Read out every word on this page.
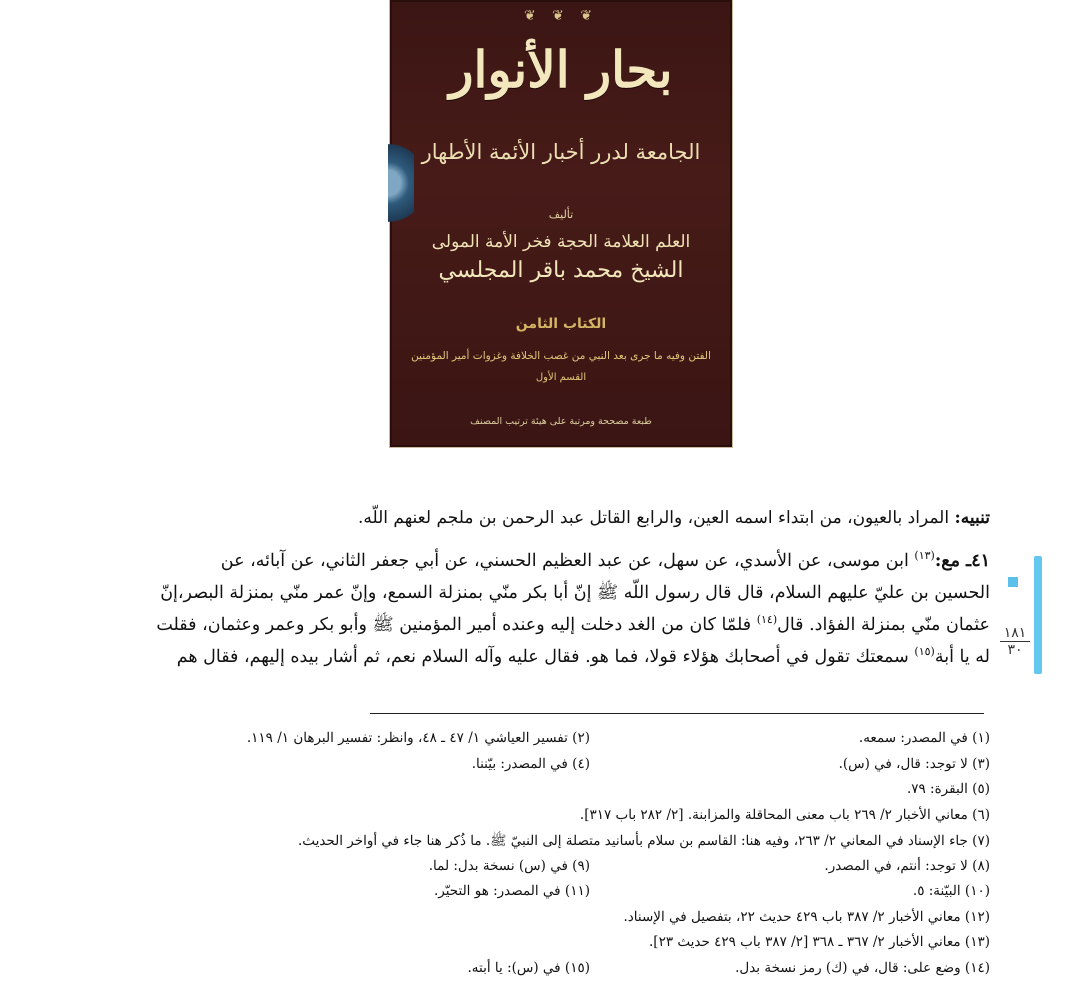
❦ ❦ ❦
بحار الأنوار
الجامعة لدرر أخبار الأئمة الأطهار
تأليف
العلم العلامة الحجة فخر الأمة المولى
الشيخ محمد باقر المجلسي
الكتاب الثامن
الفتن وفيه ما جرى بعد النبي من غصب الخلافة وغزوات أمير المؤمنين
القسم الأول
طبعة مصححة ومرتبة على هيئة ترتيب المصنف
تنبيه: المراد بالعيون، من ابتداء اسمه العين، والرابع القاتل عبد الرحمن بن ملجم لعنهم اللّه.
٤١ـ مع:$^{(١٣)}$ ابن موسى، عن الأسدي، عن سهل، عن عبد العظيم الحسني، عن أبي جعفر الثاني، عن آبائه، عن
الحسين بن عليّ عليهم السلام، قال قال رسول اللّه ﷺ إنّ أبا بكر منّي بمنزلة السمع، وإنّ عمر منّي بمنزلة البصر،إنّ
عثمان منّي بمنزلة الفؤاد. قال$^{(١٤)}$ فلمّا كان من الغد دخلت إليه وعنده أمير المؤمنين ﷺ وأبو بكر وعمر وعثمان، فقلت
له يا أبة$^{(١٥)}$ سمعتك تقول في أصحابك هؤلاء قولا، فما هو. فقال عليه وآله السلام نعم، ثم أشار بيده إليهم، فقال هم
١٨١
٣٠
(١) في المصدر: سمعه.
(٢) تفسير العياشي ١/ ٤٧ ـ ٤٨، وانظر: تفسير البرهان ١/ ١١٩.
(٣) لا توجد: قال، في (س).
(٤) في المصدر: بيّننا.
(٥) البقرة: ٧٩.
(٦) معاني الأخبار ٢/ ٢٦٩ باب معنى المحاقلة والمزابنة. [٢/ ٢٨٢ باب ٣١٧].
(٧) جاء الإسناد في المعاني ٢/ ٢٦٣، وفيه هنا: القاسم بن سلام بأسانيد متصلة إلى النبيّ ﷺ. ما ذُكر هنا جاء في أواخر الحديث.
(٨) لا توجد: أنتم، في المصدر.
(٩) في (س) نسخة بدل: لما.
(١٠) البيّنة: ٥.
(١١) في المصدر: هو التحيّر.
(١٢) معاني الأخبار ٢/ ٣٨٧ باب ٤٢٩ حديث ٢٢، بتفصيل في الإسناد.
(١٣) معاني الأخبار ٢/ ٣٦٧ ـ ٣٦٨ [٢/ ٣٨٧ باب ٤٢٩ حديث ٢٣].
(١٤) وضع على: قال، في (ك) رمز نسخة بدل.
(١٥) في (س): يا أبته.
